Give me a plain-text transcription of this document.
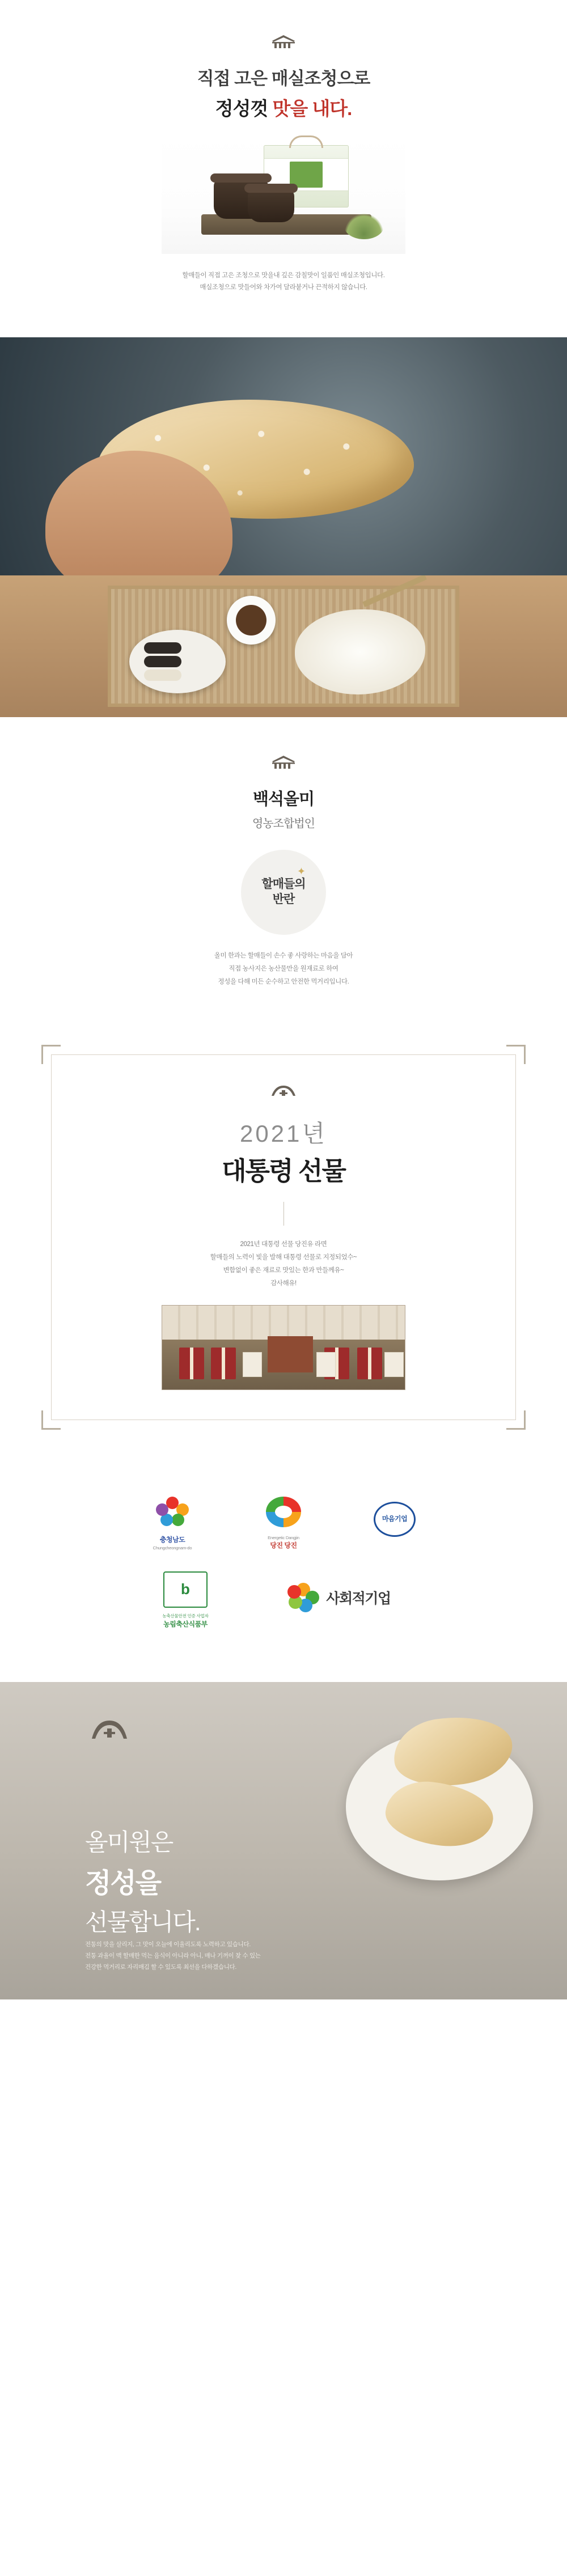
직접 고은 매실조청으로
정성껏 맛을 내다.
할매들이 직접 고은 조청으로 맛을내 깊은 감칠맛이 일품인 매실조청입니다.
매실조청으로 맛들어와 차가여 달라붙거나 끈적하지 않습니다.
백석올미
영농조합법인
✦
할매들의
반란
올미 한과는 할매들이 손수 좋 사랑하는 마음을 담아
직접 농사지은 농산물만을 원재료로 하여
정성을 다해 미든 순수하고 안전한 먹거리입니다.
2021년
대통령 선물
2021년 대통령 선물 당진유 라면
할매들의 노력이 빛을 발해 대통령 선물로 지정되었수~
변함없이 좋은 재료로 맛있는 한과 만들께유~
감사해유!
충청남도
Chungcheongnam-do
Energetic Dangjin
당진 당진
마음기업
b
농축산물안전 인증 사업자
농림축산식품부
사회적기업
올미원은
정성을
선물합니다.
전통의 맛을 살리지, 그 맛이 오늘에 이울리도록 노력하고 있습니다.
전통 과율이 맥 할매한 먹는 음식이 아니라 아니, 매나 기꺼이 찾 수 있는
건강한 먹거리로 자리매김 할 수 있도록 최선을 다하겠습니다.
